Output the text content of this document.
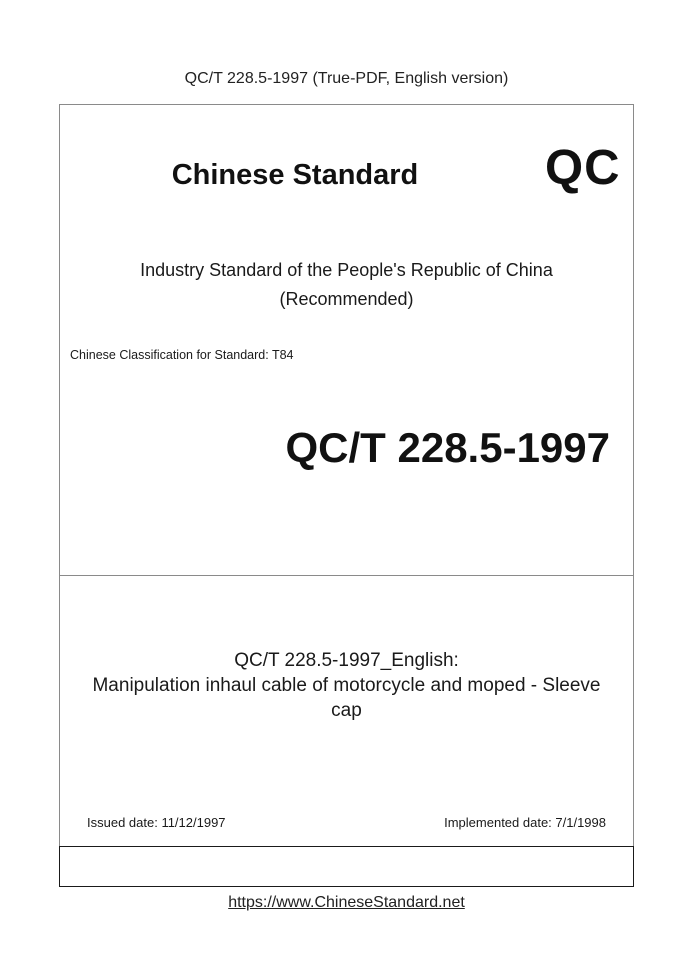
QC/T 228.5-1997 (True-PDF, English version)
Chinese Standard	QC
Industry Standard of the People's Republic of China
(Recommended)
Chinese Classification for Standard: T84
QC/T 228.5-1997
QC/T 228.5-1997_English:
Manipulation inhaul cable of motorcycle and moped - Sleeve
cap
Issued date: 11/12/1997	Implemented date: 7/1/1998
https://www.ChineseStandard.net
